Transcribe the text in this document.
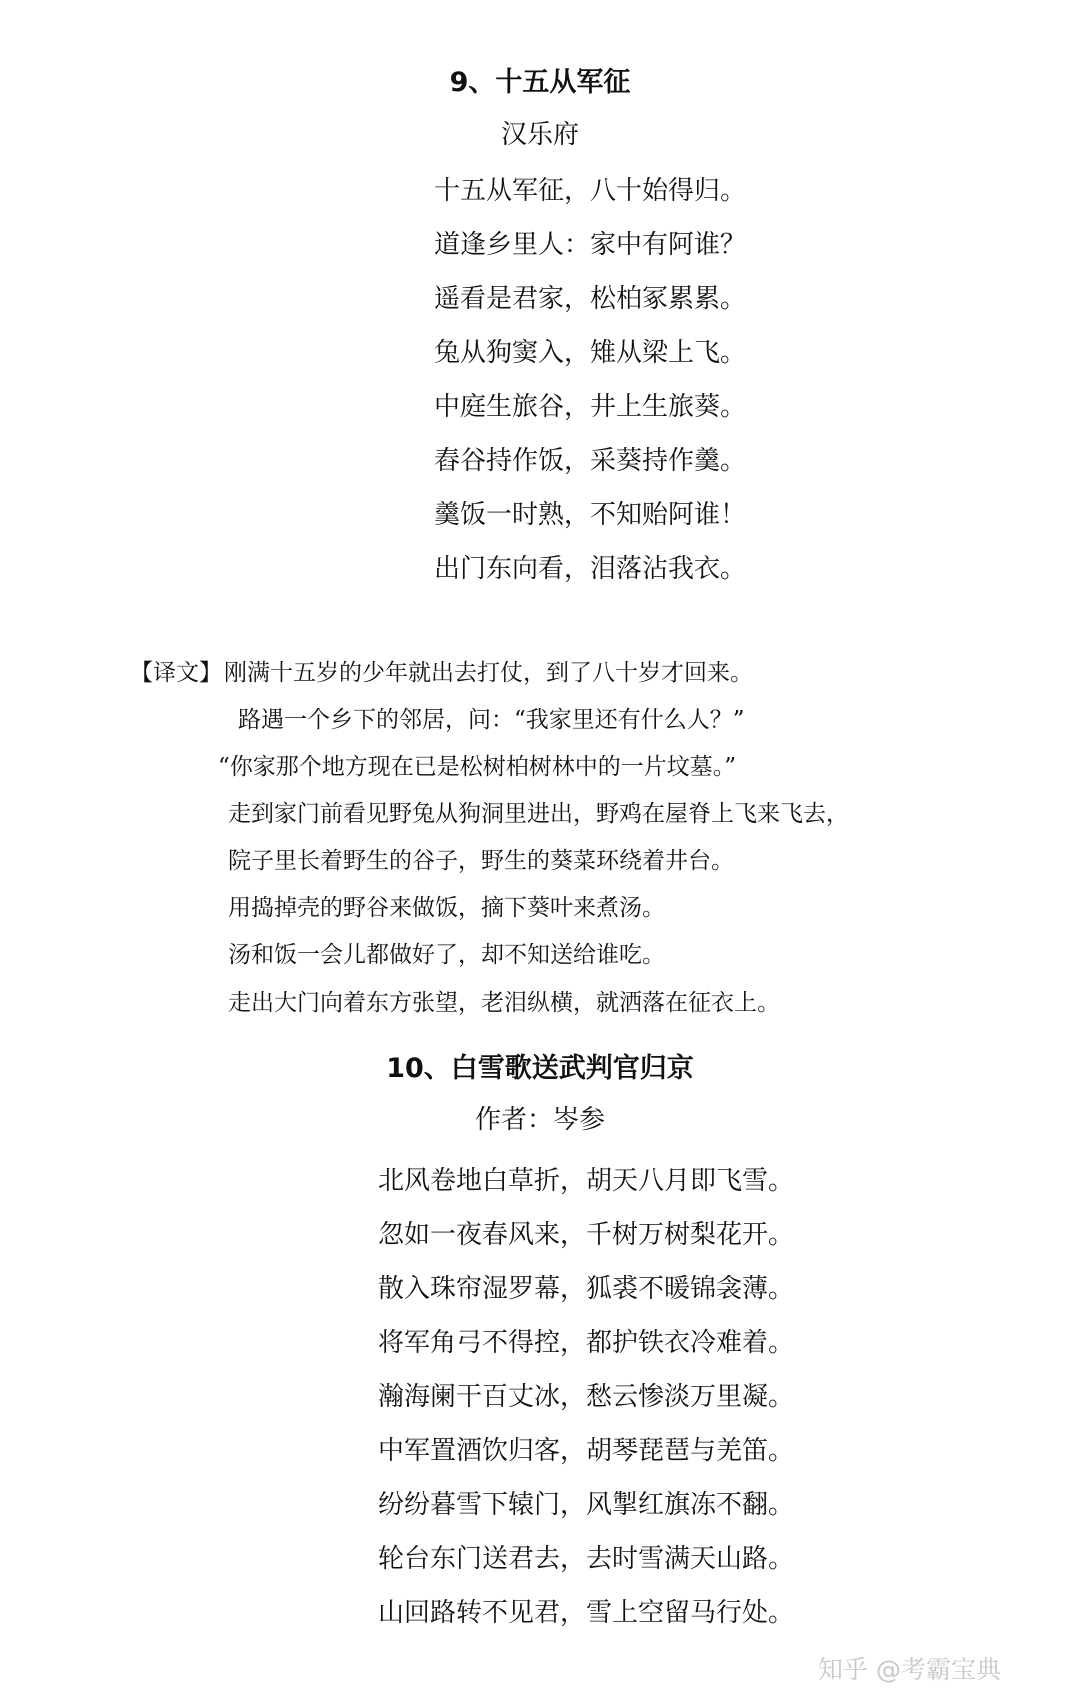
9、十五从军征
汉乐府
十五从军征，八十始得归。
道逢乡里人：家中有阿谁？
遥看是君家，松柏冢累累。
兔从狗窦入，雉从梁上飞。
中庭生旅谷，井上生旅葵。
舂谷持作饭，采葵持作羹。
羹饭一时熟，不知贻阿谁！
出门东向看，泪落沾我衣。
【译文】刚满十五岁的少年就出去打仗，到了八十岁才回来。
路遇一个乡下的邻居，问：“我家里还有什么人？”
“你家那个地方现在已是松树柏树林中的一片坟墓。”
走到家门前看见野兔从狗洞里进出，野鸡在屋脊上飞来飞去，
院子里长着野生的谷子，野生的葵菜环绕着井台。
用捣掉壳的野谷来做饭，摘下葵叶来煮汤。
汤和饭一会儿都做好了，却不知送给谁吃。
走出大门向着东方张望，老泪纵横，就洒落在征衣上。
10、白雪歌送武判官归京
作者：岑参
北风卷地白草折，胡天八月即飞雪。
忽如一夜春风来，千树万树梨花开。
散入珠帘湿罗幕，狐裘不暖锦衾薄。
将军角弓不得控，都护铁衣冷难着。
瀚海阑干百丈冰，愁云惨淡万里凝。
中军置酒饮归客，胡琴琵琶与羌笛。
纷纷暮雪下辕门，风掣红旗冻不翻。
轮台东门送君去，去时雪满天山路。
山回路转不见君，雪上空留马行处。
知乎 @考霸宝典
